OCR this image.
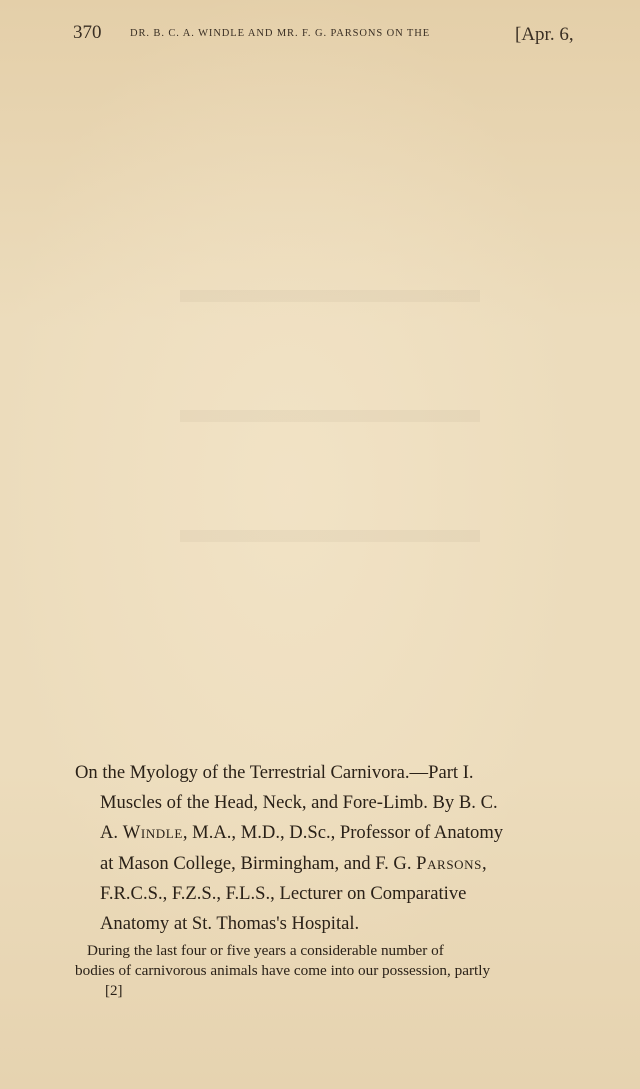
370	DR. B. C. A. WINDLE AND MR. F. G. PARSONS ON THE	[Apr. 6,
On the Myology of the Terrestrial Carnivora.—Part I.
Muscles of the Head, Neck, and Fore-Limb. By B. C.
A. Windle, M.A., M.D., D.Sc., Professor of Anatomy
at Mason College, Birmingham, and F. G. Parsons,
F.R.C.S., F.Z.S., F.L.S., Lecturer on Comparative
Anatomy at St. Thomas's Hospital.
During the last four or five years a considerable number of
bodies of carnivorous animals have come into our possession, partly
[2]
